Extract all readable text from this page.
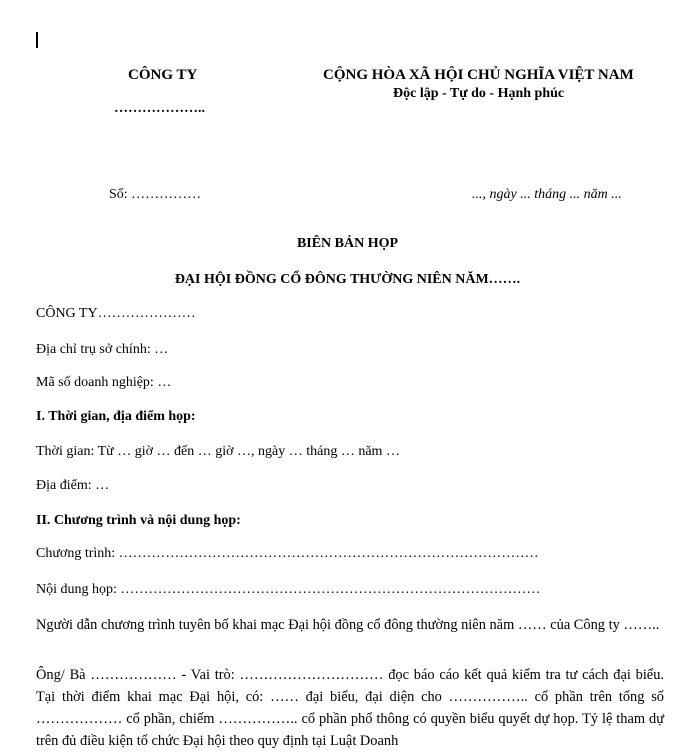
CÔNG TY
………………..
CỘNG HÒA XÃ HỘI CHỦ NGHĨA VIỆT NAM
Độc lập - Tự do - Hạnh phúc
Số: ……………	..., ngày ... tháng ... năm ...
BIÊN BẢN HỌP
ĐẠI HỘI ĐỒNG CỔ ĐÔNG THƯỜNG NIÊN NĂM…….
CÔNG TY…………………
Địa chỉ trụ sở chính: …
Mã số doanh nghiệp: …
I. Thời gian, địa điểm họp:
Thời gian: Từ … giờ … đến … giờ …, ngày … tháng … năm …
Địa điểm: …
II. Chương trình và nội dung họp:
Chương trình: ………………………………………………………………………………
Nội dung họp: ………………………………………………………………………………
Người dẫn chương trình tuyên bố khai mạc Đại hội đồng cổ đông thường niên năm …… của Công ty ……..
Ông/ Bà ……………… - Vai trò: ………………………… đọc báo cáo kết quả kiểm tra tư cách đại biểu. Tại thời điểm khai mạc Đại hội, có: …… đại biểu, đại diện cho …………….. cổ phần trên tổng số ……………… cổ phần, chiếm …………….. cổ phần phổ thông có quyền biểu quyết dự họp. Tỷ lệ tham dự trên đủ điều kiện tổ chức Đại hội theo quy định tại Luật Doanh
